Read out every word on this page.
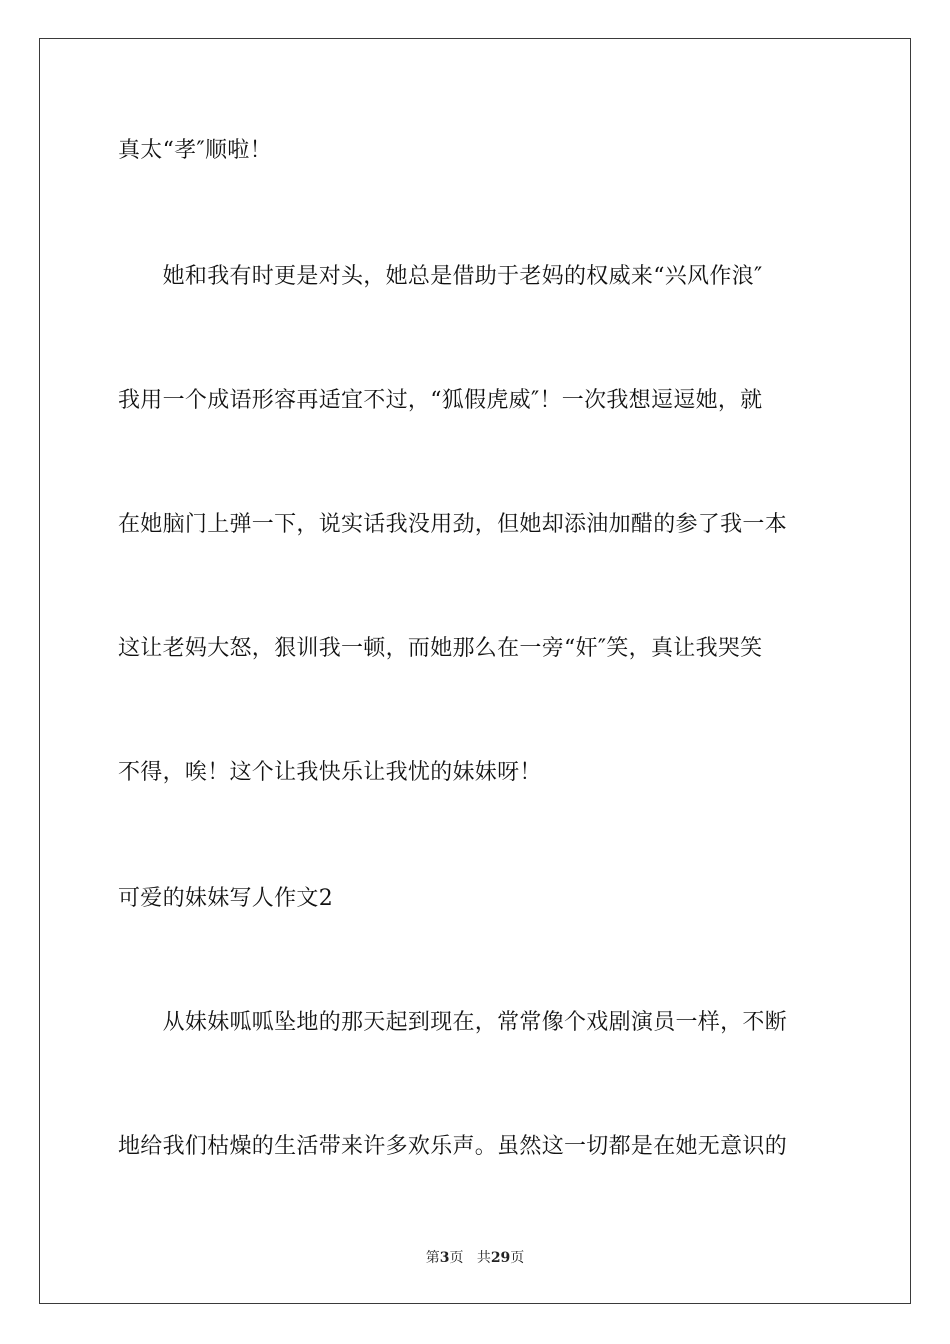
真太“孝″顺啦！
　　她和我有时更是对头，她总是借助于老妈的权威来“兴风作浪″
我用一个成语形容再适宜不过，“狐假虎威″！一次我想逗逗她，就
在她脑门上弹一下，说实话我没用劲，但她却添油加醋的参了我一本
这让老妈大怒，狠训我一顿，而她那么在一旁“奸″笑，真让我哭笑
不得，唉！这个让我快乐让我忧的妹妹呀！
可爱的妹妹写人作文2
　　从妹妹呱呱坠地的那天起到现在，常常像个戏剧演员一样，不断
地给我们枯燥的生活带来许多欢乐声。虽然这一切都是在她无意识的
第3页 共29页
